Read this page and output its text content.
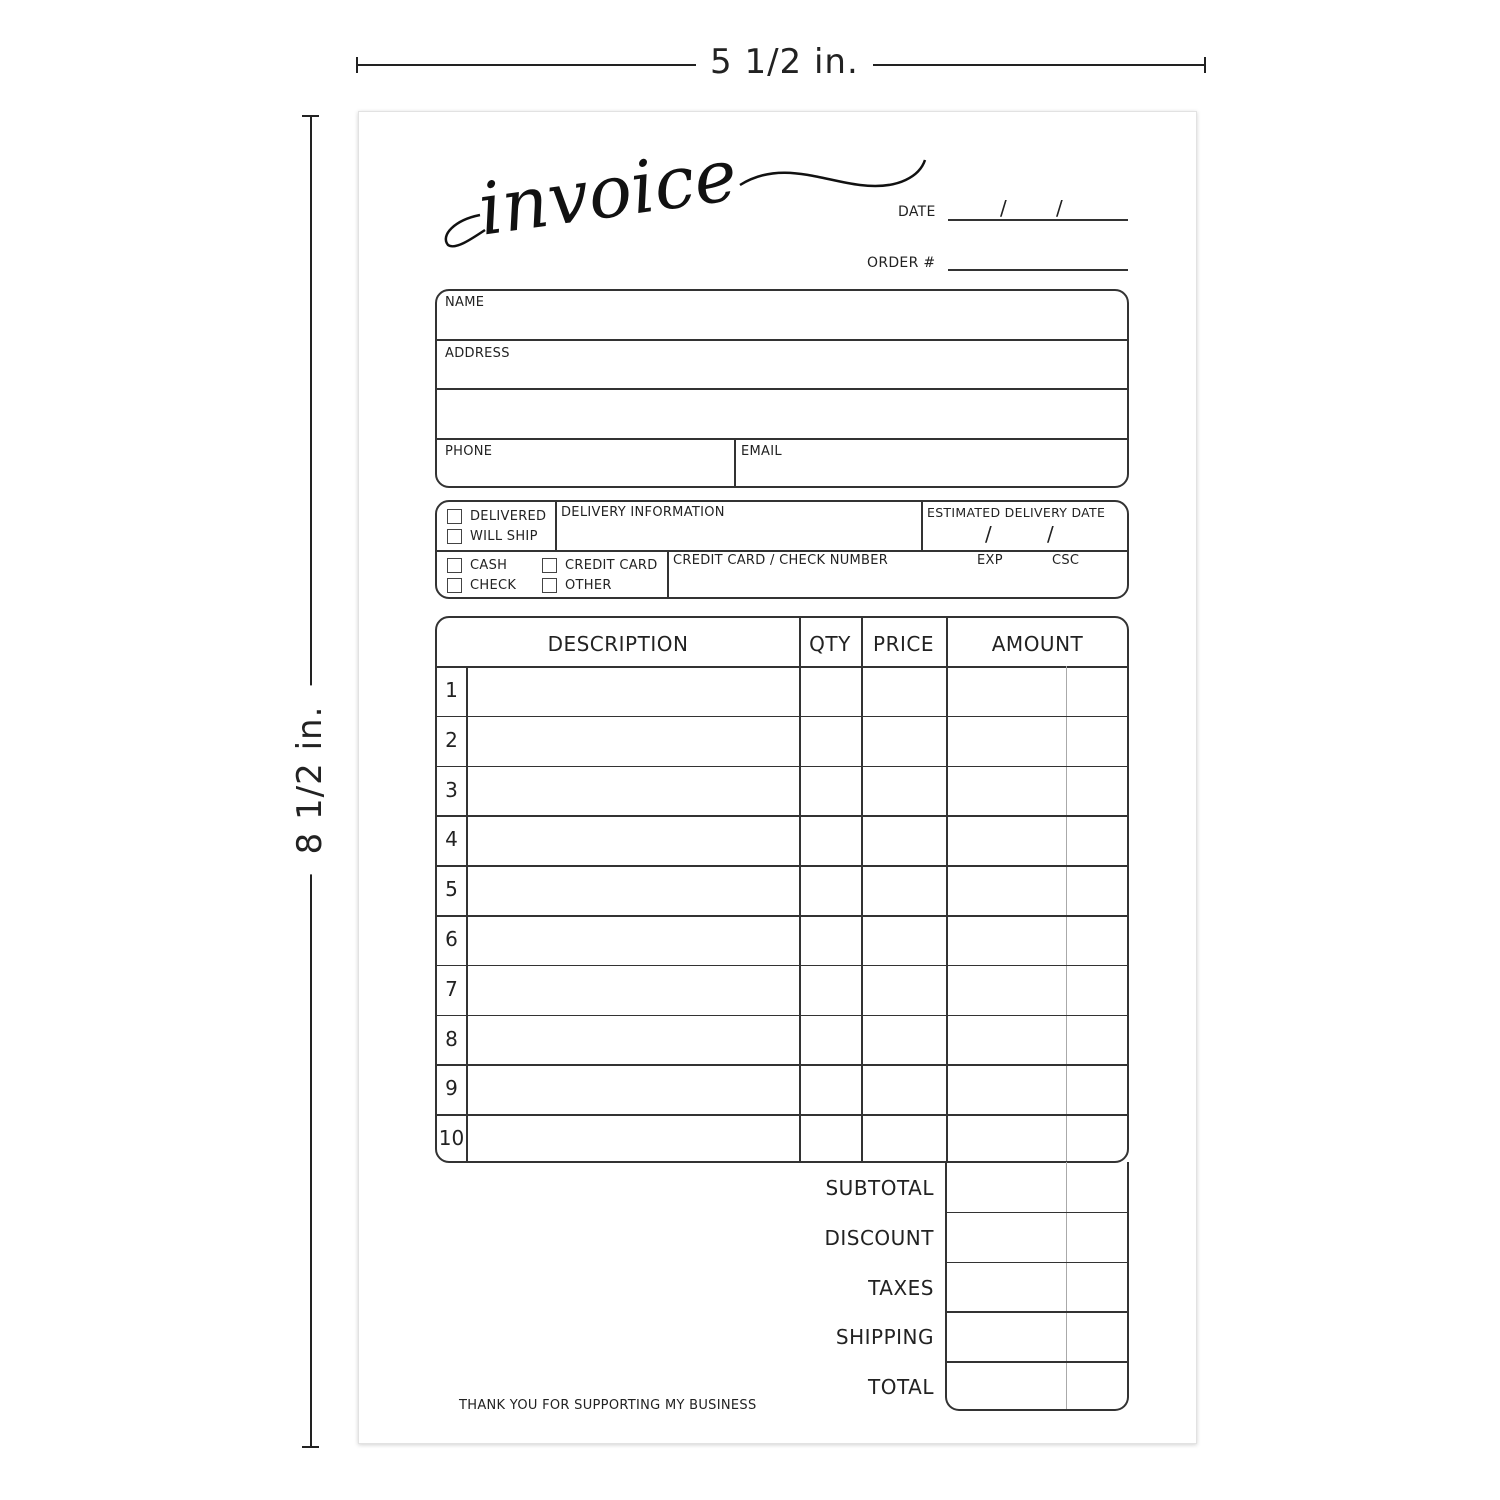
5 1/2 in.
8 1/2 in.
invoice	DATE	/ /
ORDER #
NAME
ADDRESS
PHONE	EMAIL
DELIVERED
WILL SHIP
DELIVERY INFORMATION	ESTIMATED DELIVERY DATE
/	/
CASH
CHECK
CREDIT CARD
OTHER
CREDIT CARD / CHECK NUMBER	EXP	CSC
DESCRIPTION	QTY	PRICE	AMOUNT
1
2
3
4
5
6
7
8
9
10
SUBTOTAL
DISCOUNT
TAXES
SHIPPING
TOTAL
THANK YOU FOR SUPPORTING MY BUSINESS
